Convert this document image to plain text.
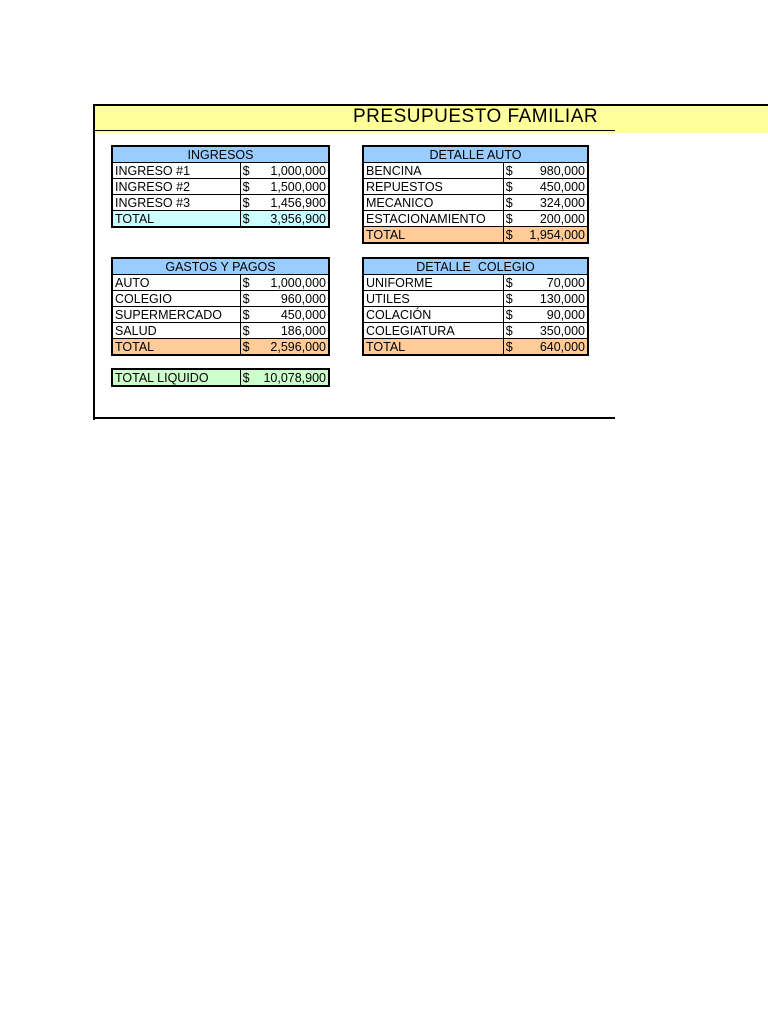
PRESUPUESTO FAMILIAR
INGRESOS	
INGRESO #1	$ 1,000,000
INGRESO #2	$ 1,500,000
INGRESO #3	$ 1,456,900
TOTAL	$ 3,956,900
DETALLE AUTO	
BENCINA	$ 980,000
REPUESTOS	$ 450,000
MECANICO	$ 324,000
ESTACIONAMIENTO	$ 200,000
TOTAL	$ 1,954,000
GASTOS Y PAGOS	
AUTO	$ 1,000,000
COLEGIO	$ 960,000
SUPERMERCADO	$ 450,000
SALUD	$ 186,000
TOTAL	$ 2,596,000
DETALLE  COLEGIO	
UNIFORME	$ 70,000
UTILES	$ 130,000
COLACIÓN	$ 90,000
COLEGIATURA	$ 350,000
TOTAL	$ 640,000
TOTAL LIQUIDO	$ 10,078,900
